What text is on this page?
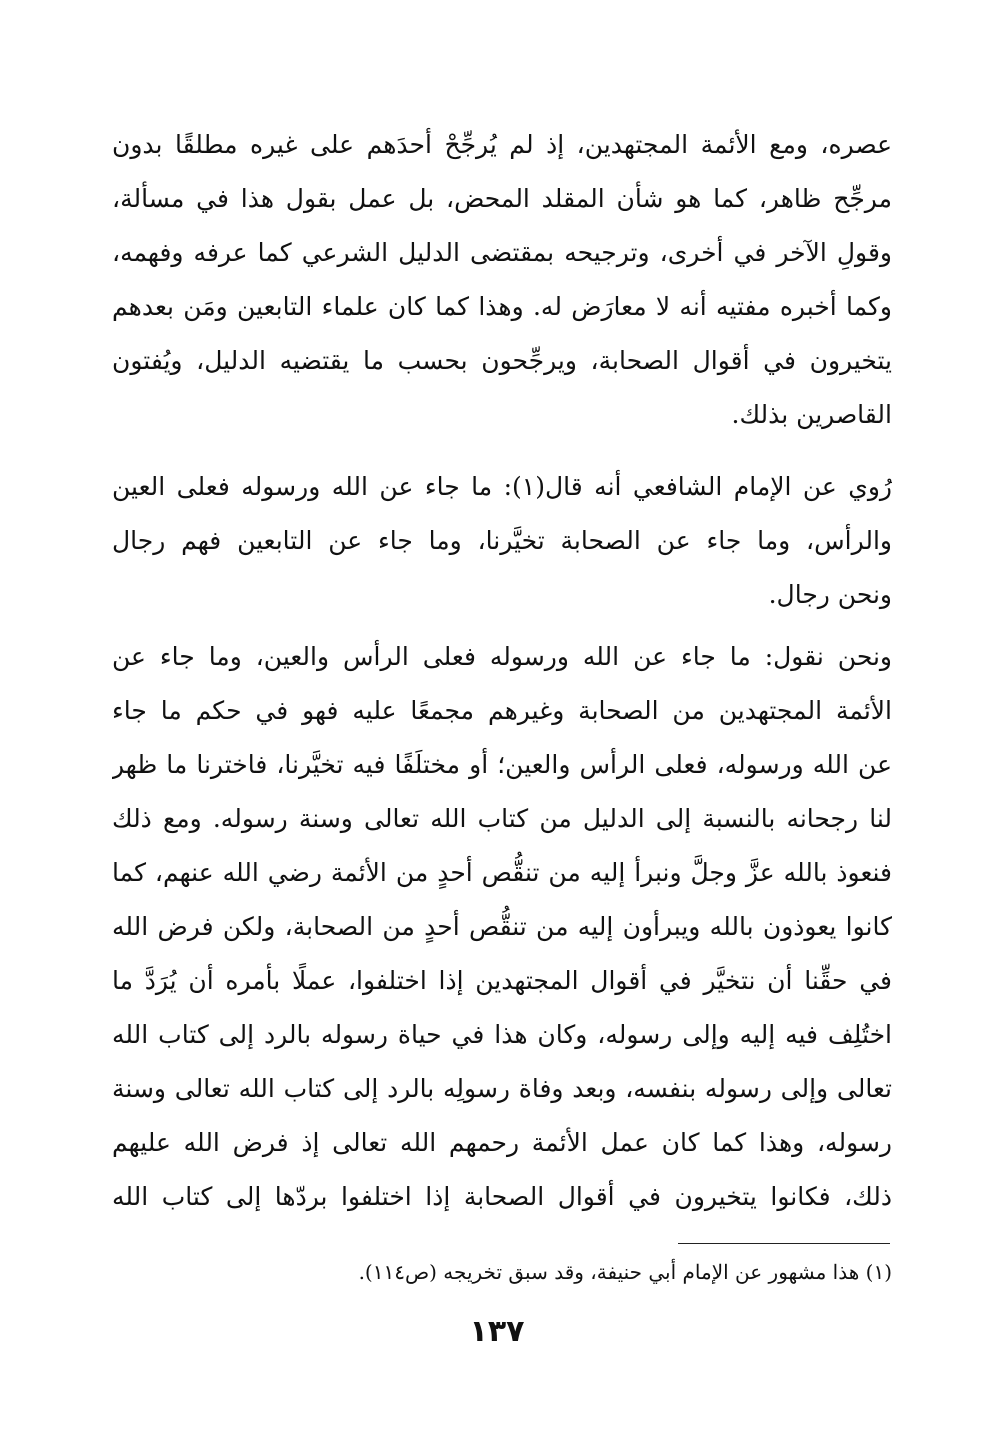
عصره، ومع الأئمة المجتهدين، إذ لم يُرجِّحْ أحدَهم على غيره مطلقًا بدون
مرجِّح ظاهر، كما هو شأن المقلد المحض، بل عمل بقول هذا في مسألة،
وقولِ الآخر في أخرى، وترجيحه بمقتضى الدليل الشرعي كما عرفه وفهمه،
وكما أخبره مفتيه أنه لا معارَض له. وهذا كما كان علماء التابعين ومَن بعدهم
يتخيرون في أقوال الصحابة، ويرجِّحون بحسب ما يقتضيه الدليل، ويُفتون
القاصرين بذلك.
رُوي عن الإمام الشافعي أنه قال(١): ما جاء عن الله ورسوله فعلى العين
والرأس، وما جاء عن الصحابة تخيَّرنا، وما جاء عن التابعين فهم رجال
ونحن رجال.
ونحن نقول: ما جاء عن الله ورسوله فعلى الرأس والعين، وما جاء عن
الأئمة المجتهدين من الصحابة وغيرهم مجمعًا عليه فهو في حكم ما جاء
عن الله ورسوله، فعلى الرأس والعين؛ أو مختلَفًا فيه تخيَّرنا، فاخترنا ما ظهر
لنا رجحانه بالنسبة إلى الدليل من كتاب الله تعالى وسنة رسوله. ومع ذلك
فنعوذ بالله عزَّ وجلَّ ونبرأ إليه من تنقُّص أحدٍ من الأئمة رضي الله عنهم، كما
كانوا يعوذون بالله ويبرأون إليه من تنقُّص أحدٍ من الصحابة، ولكن فرض الله
في حقِّنا أن نتخيَّر في أقوال المجتهدين إذا اختلفوا، عملًا بأمره أن يُرَدَّ ما
اختُلِف فيه إليه وإلى رسوله، وكان هذا في حياة رسوله بالرد إلى كتاب الله
تعالى وإلى رسوله بنفسه، وبعد وفاة رسولِه بالرد إلى كتاب الله تعالى وسنة
رسوله، وهذا كما كان عمل الأئمة رحمهم الله تعالى إذ فرض الله عليهم
ذلك، فكانوا يتخيرون في أقوال الصحابة إذا اختلفوا بردّها إلى كتاب الله
(١) هذا مشهور عن الإمام أبي حنيفة، وقد سبق تخريجه (ص١١٤).
١٣٧
